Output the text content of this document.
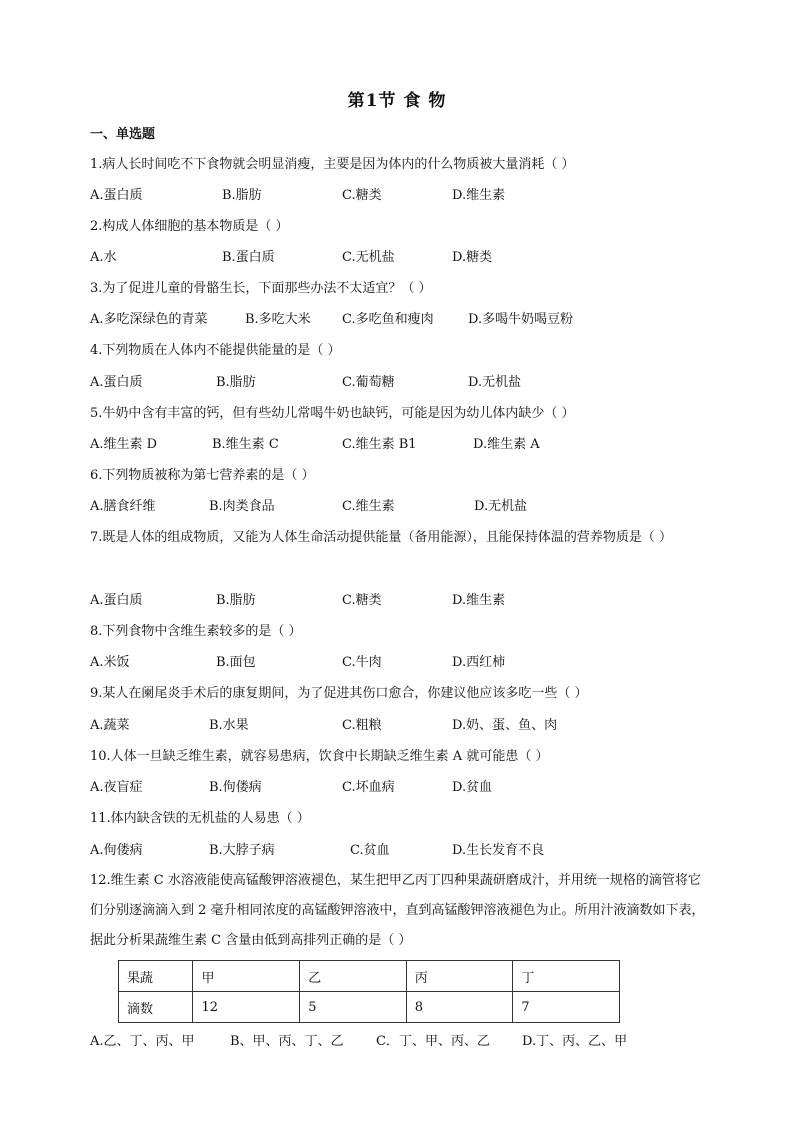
第1节 食 物
一、单选题
1.病人长时间吃不下食物就会明显消瘦，主要是因为体内的什么物质被大量消耗（ ）
A.蛋白质	B.脂肪	C.糖类	D.维生素
2.构成人体细胞的基本物质是（ ）
A.水	B.蛋白质	C.无机盐	D.糖类
3.为了促进儿童的骨骼生长，下面那些办法不太适宜？（ ）
A.多吃深绿色的青菜	B.多吃大米 C.多吃鱼和瘦肉	D.多喝牛奶喝豆粉
4.下列物质在人体内不能提供能量的是（ ）
A.蛋白质	B.脂肪	C.葡萄糖	D.无机盐
5.牛奶中含有丰富的钙，但有些幼儿常喝牛奶也缺钙，可能是因为幼儿体内缺少（ ）
A.维生素 D	B.维生素 C	C.维生素 B1	D.维生素 A
6.下列物质被称为第七营养素的是（ ）
A.膳食纤维	B.肉类食品	C.维生素	D.无机盐
7.既是人体的组成物质，又能为人体生命活动提供能量（备用能源），且能保持体温的营养物质是（ ）
A.蛋白质	B.脂肪	C.糖类	D.维生素
8.下列食物中含维生素较多的是（ ）
A.米饭	B.面包	C.牛肉	D.西红柿
9.某人在阑尾炎手术后的康复期间，为了促进其伤口愈合，你建议他应该多吃一些（ ）
A.蔬菜	B.水果	C.粗粮	D.奶、蛋、鱼、肉
10.人体一旦缺乏维生素，就容易患病，饮食中长期缺乏维生素 A 就可能患（ ）
A.夜盲症	B.佝偻病	C.坏血病	D.贫血
11.体内缺含铁的无机盐的人易患（ ）
A.佝偻病	B.大脖子病	C.贫血	D.生长发育不良
12.维生素 C 水溶液能使高锰酸钾溶液褪色，某生把甲乙丙丁四种果蔬研磨成汁，并用统一规格的滴管将它们分别逐滴滴入到 2 毫升相同浓度的高锰酸钾溶液中，直到高锰酸钾溶液褪色为止。所用汁液滴数如下表，据此分析果蔬维生素 C 含量由低到高排列正确的是（ ）
果蔬	甲	乙	丙	丁
滴数	12	5	8	7
A.乙、丁、丙、甲	B、甲、丙、丁、乙 C．丁、甲、丙、乙 D.丁、丙、乙、甲
